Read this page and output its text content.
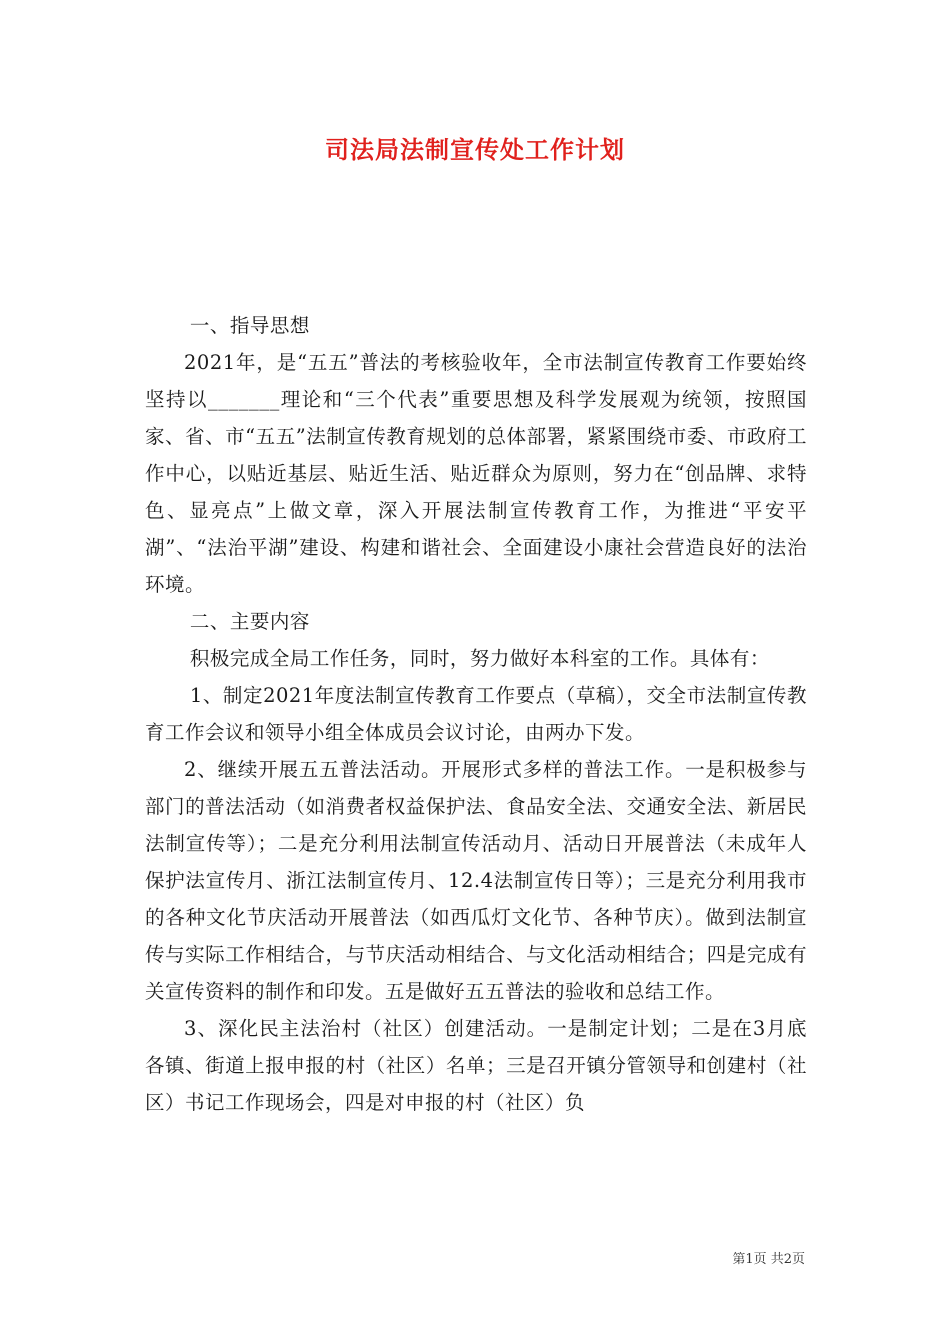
司法局法制宣传处工作计划

一、指导思想

2021年，是“五五”普法的考核验收年，全市法制宣传教育工作要始终坚持以_______理论和“三个代表”重要思想及科学发展观为统领，按照国家、省、市“五五”法制宣传教育规划的总体部署，紧紧围绕市委、市政府工作中心，以贴近基层、贴近生活、贴近群众为原则，努力在“创品牌、求特色、显亮点”上做文章，深入开展法制宣传教育工作，为推进“平安平湖”、“法治平湖”建设、构建和谐社会、全面建设小康社会营造良好的法治环境。

二、主要内容

积极完成全局工作任务，同时，努力做好本科室的工作。具体有：

1、制定2021年度法制宣传教育工作要点（草稿），交全市法制宣传教育工作会议和领导小组全体成员会议讨论，由两办下发。

2、继续开展五五普法活动。开展形式多样的普法工作。一是积极参与部门的普法活动（如消费者权益保护法、食品安全法、交通安全法、新居民法制宣传等）；二是充分利用法制宣传活动月、活动日开展普法（未成年人保护法宣传月、浙江法制宣传月、12.4法制宣传日等）；三是充分利用我市的各种文化节庆活动开展普法（如西瓜灯文化节、各种节庆）。做到法制宣传与实际工作相结合，与节庆活动相结合、与文化活动相结合；四是完成有关宣传资料的制作和印发。五是做好五五普法的验收和总结工作。

3、深化民主法治村（社区）创建活动。一是制定计划；二是在3月底各镇、街道上报申报的村（社区）名单；三是召开镇分管领导和创建村（社区）书记工作现场会，四是对申报的村（社区）负

第1页 共2页
